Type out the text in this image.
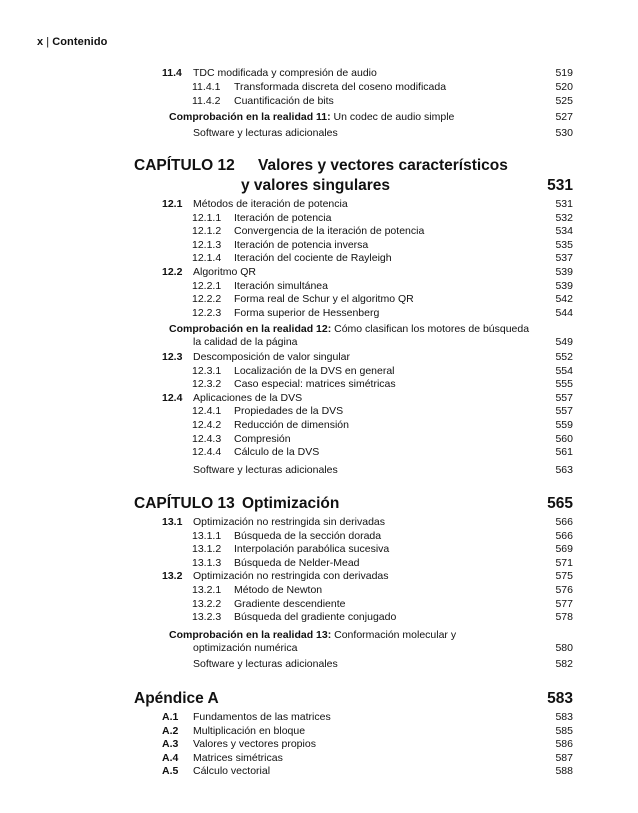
x | Contenido
11.4 TDC modificada y compresión de audio	519
11.4.1 Transformada discreta del coseno modificada	520
11.4.2 Cuantificación de bits	525
Comprobación en la realidad 11: Un codec de audio simple	527
Software y lecturas adicionales	530
CAPÍTULO 12 Valores y vectores característicos
y valores singulares	531
12.1 Métodos de iteración de potencia	531
12.1.1 Iteración de potencia	532
12.1.2 Convergencia de la iteración de potencia	534
12.1.3 Iteración de potencia inversa	535
12.1.4 Iteración del cociente de Rayleigh	537
12.2 Algoritmo QR	539
12.2.1 Iteración simultánea	539
12.2.2 Forma real de Schur y el algoritmo QR	542
12.2.3 Forma superior de Hessenberg	544
Comprobación en la realidad 12: Cómo clasifican los motores de búsqueda
la calidad de la página	549
12.3 Descomposición de valor singular	552
12.3.1 Localización de la DVS en general	554
12.3.2 Caso especial: matrices simétricas	555
12.4 Aplicaciones de la DVS	557
12.4.1 Propiedades de la DVS	557
12.4.2 Reducción de dimensión	559
12.4.3 Compresión	560
12.4.4 Cálculo de la DVS	561
Software y lecturas adicionales	563
CAPÍTULO 13 Optimización	565
13.1 Optimización no restringida sin derivadas	566
13.1.1 Búsqueda de la sección dorada	566
13.1.2 Interpolación parabólica sucesiva	569
13.1.3 Búsqueda de Nelder-Mead	571
13.2 Optimización no restringida con derivadas	575
13.2.1 Método de Newton	576
13.2.2 Gradiente descendiente	577
13.2.3 Búsqueda del gradiente conjugado	578
Comprobación en la realidad 13: Conformación molecular y
optimización numérica	580
Software y lecturas adicionales	582
Apéndice A	583
A.1 Fundamentos de las matrices	583
A.2 Multiplicación en bloque	585
A.3 Valores y vectores propios	586
A.4 Matrices simétricas	587
A.5 Cálculo vectorial	588
